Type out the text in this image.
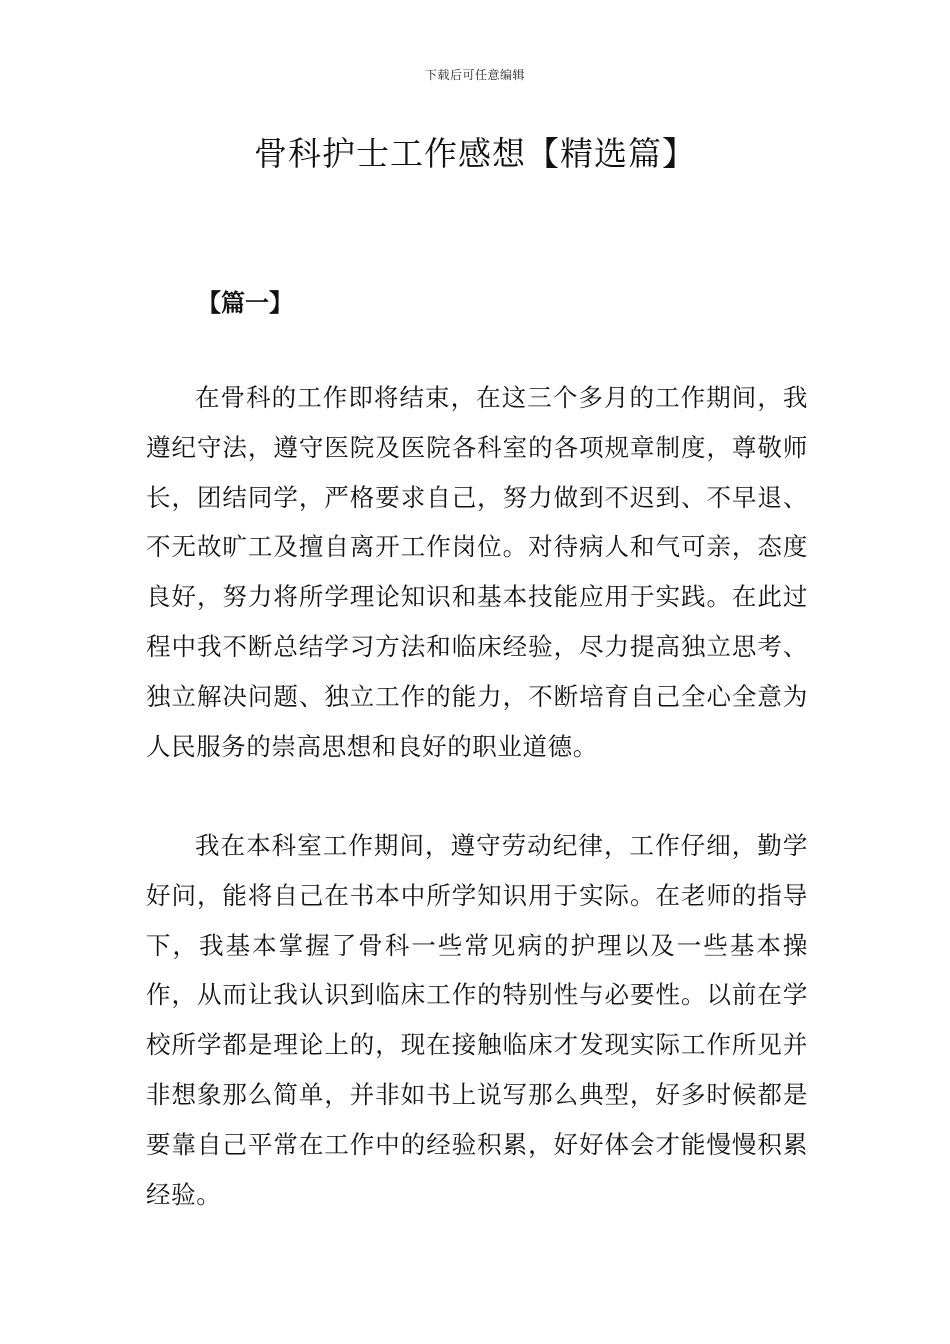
下载后可任意编辑
骨科护士工作感想【精选篇】
【篇一】

在骨科的工作即将结束，在这三个多月的工作期间，我遵纪守法，遵守医院及医院各科室的各项规章制度，尊敬师长，团结同学，严格要求自己，努力做到不迟到、不早退、不无故旷工及擅自离开工作岗位。对待病人和气可亲，态度良好，努力将所学理论知识和基本技能应用于实践。在此过程中我不断总结学习方法和临床经验，尽力提高独立思考、独立解决问题、独立工作的能力，不断培育自己全心全意为人民服务的崇高思想和良好的职业道德。

我在本科室工作期间，遵守劳动纪律，工作仔细，勤学好问，能将自己在书本中所学知识用于实际。在老师的指导下，我基本掌握了骨科一些常见病的护理以及一些基本操作，从而让我认识到临床工作的特别性与必要性。以前在学校所学都是理论上的，现在接触临床才发现实际工作所见并非想象那么简单，并非如书上说写那么典型，好多时候都是要靠自己平常在工作中的经验积累，好好体会才能慢慢积累经验。
